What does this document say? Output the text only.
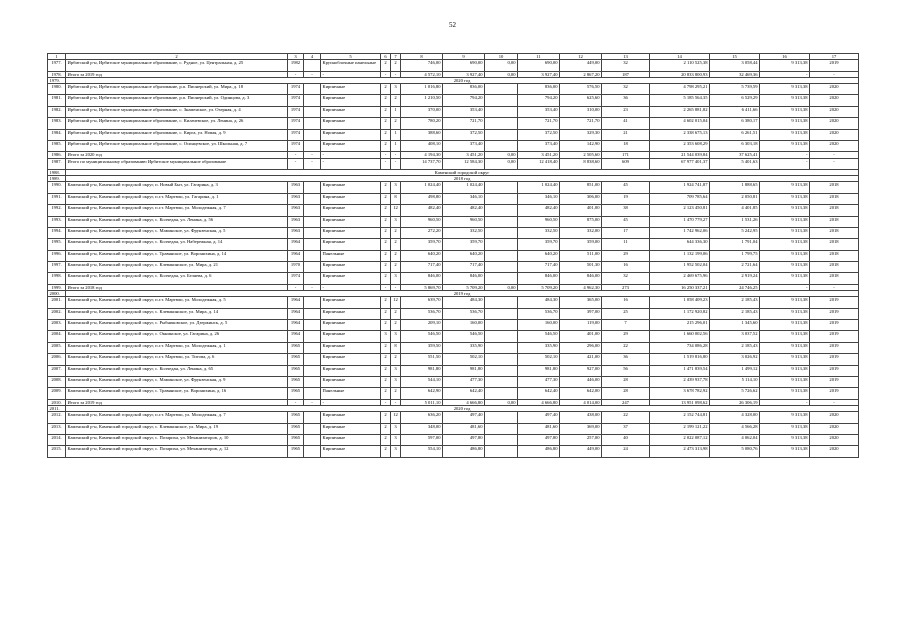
52
1	2	3	4	5	6	7	8	9	10	11	12	13	14	15	16	17
1977.	Ирбитский р-н, Ирбитское муниципальное образование, с. Рудное, ул. Центральная, д. 25	1982		Крупноблочные панельные	2	2	746,00	690,00	0,00	690,00	449,00	32	2 110 525,38	3 058,44	9 313,38	2019
1978.	Итого за 2019 год	-	-	-	-	-	4 572,10	3 927,40	0,00	3 927,40	2 867,20	187	20 833 800,93	32 469,36	-	-
1979.	2020 год															
1980.	Ирбитский р-н, Ирбитское муниципальное образование, р.п. Пионерский, ул. Мира, д. 18	1974		Кирпичные	2	3	1 016,80	836,00		836,00	576,50	32	4 798 295,21	5 739,59	9 313,38	2020
1981.	Ирбитский р-н, Ирбитское муниципальное образование, р.п. Пионерский, ул. Одинцова, д. 3	1974		Кирпичные	2	2	1 210,50	794,20		794,20	625,60	36	5 185 564,35	6 529,29	9 313,38	2020
1982.	Ирбитский р-н, Ирбитское муниципальное образование, с. Знаменское, ул. Озерная, д. 4	1974		Кирпичные	2	1	370,00	353,40		353,40	310,00	23	2 265 881,82	6 411,66	9 313,38	2020
1983.	Ирбитский р-н, Ирбитское муниципальное образование, с. Килачевское, ул. Ленина, д. 26	1974		Кирпичные	2	2	780,20	721,70		721,70	721,70	41	4 602 015,04	6 380,17	9 313,38	2020
1984.	Ирбитский р-н, Ирбитское муниципальное образование, с. Кирга, ул. Новая, д. 9	1974		Кирпичные	2	1	388,60	372,50		372,50	329,30	21	2 338 675,13	6 261,51	9 313,38	2020
1985.	Ирбитский р-н, Ирбитское муниципальное образование, с. Осинцевское, ул. Школьная, д. 7	1974		Кирпичные	2	1	408,10	373,40		373,40	142,90	18	2 353 608,29	6 303,18	9 313,38	2020
1986.	Итого за 2020 год	-	-	-	-	-	4 194,30	3 451,20	0,00	3 451,20	2 505,60	171	21 544 039,84	37 625,41	-	-
1987.	Итого по муниципальному образованию Ирбитское муниципальное образование	-	-	-	-	-	14 737,70	12 584,30	0,00	12 418,40	8 838,60	609	67 977 401,37	5 401,63	-	-
1988.	Каменский городской округ															
1989.	2018 год															
1990.	Каменский р-н, Каменский городской округ, п. Новый Быт, ул. Гагарина, д. 3	1963		Кирпичные	2	3	1 024,40	1 024,40		1 024,40	851,00	45	1 924 741,87	1 888,65	9 313,38	2018
1991.	Каменский р-н, Каменский городской округ, п.г.т. Мартюш, ул. Гагарина, д. 1	1963		Кирпичные	2	8	498,80	346,10		346,10	306,00	19	709 785,64	2 050,81	9 313,38	2018
1992.	Каменский р-н, Каменский городской округ, п.г.т. Мартюш, ул. Молодежная, д. 7	1963		Кирпичные	2	12	482,40	482,40		482,40	401,00	38	2 123 450,81	4 401,85	9 313,38	2018
1993.	Каменский р-н, Каменский городской округ, с. Колчедан, ул. Ленина, д. 56	1963		Кирпичные	2	3	960,50	960,50		960,50	875,00	45	1 470 779,27	1 531,26	9 313,38	2018
1994.	Каменский р-н, Каменский городской округ, с. Маминское, ул. Фрунзенская, д. 5	1963		Кирпичные	2	2	272,20	332,50		332,50	332,00	17	1 742 962,06	5 242,95	9 313,38	2018
1995.	Каменский р-н, Каменский городской округ, с. Колчедан, ул. Набережная, д. 14	1964		Кирпичные	2	2	359,70	359,70		359,70	359,00	11	644 336,30	1 791,04	9 313,38	2018
1996.	Каменский р-н, Каменский городской округ, с. Травянское, ул. Воронихина, д. 14	1964		Панельные	2	2	640,20	640,20		640,20	511,00	29	1 132 199,06	1 799,75	9 313,38	2018
1997.	Каменский р-н, Каменский городской округ, с. Клевакинское, ул. Мира, д. 21	1970		Кирпичные	2	2	717,40	717,40		717,40	501,30	16	1 952 502,04	2 721,64	9 313,38	2018
1998.	Каменский р-н, Каменский городской округ, с. Колчедан, ул. Беляева, д. 6	1974		Кирпичные	2	3	846,00	846,00		846,00	846,00	32	2 469 675,96	2 919,24	9 313,38	2018
1999.	Итого за 2018 год	-	-	-	-	-	5 869,70	5 709,20	0,00	5 709,20	4 962,30	273	16 250 337,21	24 746,25	-	-
2000.	2019 год															
2001.	Каменский р-н, Каменский городской округ, п.г.т. Мартюш, ул. Молодежная, д. 5	1964		Кирпичные	2	12	639,70	484,30		484,30	365,00	16	1 058 409,23	2 185,43	9 313,38	2019
2002.	Каменский р-н, Каменский городской округ, с. Клевакинское, ул. Мира, д. 14	1964		Кирпичные	2	2	536,70	536,70		536,70	397,00	25	1 172 920,82	2 185,43	9 313,38	2019
2003.	Каменский р-н, Каменский городской округ, с. Рыбниковское, ул. Дзержинск, д. 5	1964		Кирпичные	2	2	209,10	160,00		160,00	119,00	7	215 296,01	1 345,60	9 313,38	2019
2004.	Каменский р-н, Каменский городской округ, с. Окнинское, ул. Гагарина, д. 26	1964		Кирпичные	3	3	546,50	546,50		546,50	401,00	29	1 660 002,56	3 037,52	9 313,38	2019
2005.	Каменский р-н, Каменский городской округ, п.г.т. Мартюш, ул. Молодежная, д. 1	1965		Кирпичные	2	8	359,50	335,90		335,90	296,00	22	734 086,28	2 185,43	9 313,38	2019
2006.	Каменский р-н, Каменский городской округ, п.г.т. Мартюш, ул. Титова, д. 6	1965		Кирпичные	2	2	551,50	502,10		502,10	421,00	36	1 519 816,80	3 026,92	9 313,38	2019
2007.	Каменский р-н, Каменский городской округ, с. Колчедан, ул. Ленина, д. 65	1965		Кирпичные	2	3	981,80	981,80		981,80	927,00	56	1 471 839,54	1 499,12	9 313,38	2019
2008.	Каменский р-н, Каменский городской округ, с. Маминское, ул. Фрунзенская, д. 9	1965		Кирпичные	2	3	544,10	477,30		477,30	446,00	28	2 439 937,78	5 114,10	9 313,38	2019
2009.	Каменский р-н, Каменский городской округ, с. Травянское, ул. Воронихина, д. 16	1965		Панельные	2	2	642,90	642,40		642,40	642,00	28	3 678 782,92	5 726,62	9 313,38	2019
2010.	Итого за 2019 год	-	-	-	-	-	5 011,10	4 666,80	0,00	4 666,80	4 014,00	247	13 951 098,62	26 306,19	-	-
2011.	2020 год															
2012.	Каменский р-н, Каменский городской округ, п.г.т. Мартюш, ул. Молодежная, д. 7	1965		Кирпичные	2	12	636,20	497,40		497,40	438,00	22	2 152 744,81	4 328,00	9 313,38	2020
2013.	Каменский р-н, Каменский городской округ, с. Клевакинское, ул. Мира, д. 19	1965		Кирпичные	2	3	348,00	481,60		481,60	369,00	37	2 199 121,22	4 566,28	9 313,38	2020
2014.	Каменский р-н, Каменский городской округ, с. Позариха, ул. Механизаторов, д. 10	1965		Кирпичные	2	3	597,00	497,80		497,80	257,00	40	2 022 087,12	4 062,04	9 313,38	2020
2015.	Каменский р-н, Каменский городской округ, с. Позариха, ул. Механизаторов, д. 12	1965		Кирпичные	2	3	554,10	486,80		486,80	449,00	24	2 473 313,98	5 080,76	9 313,38	2020
